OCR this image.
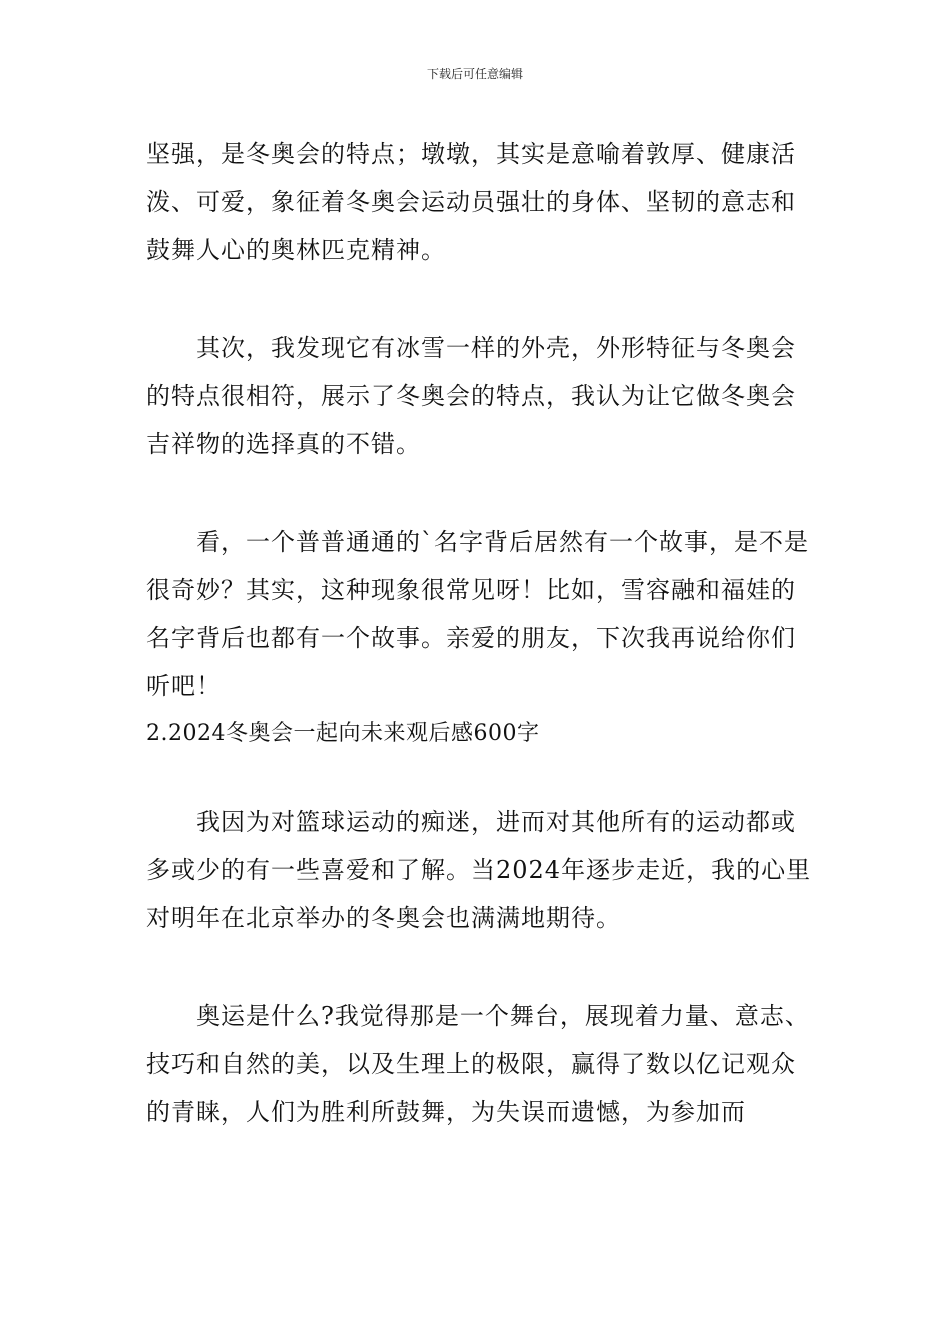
下载后可任意编辑

坚强，是冬奥会的特点；墩墩，其实是意喻着敦厚、健康活泼、可爱，象征着冬奥会运动员强壮的身体、坚韧的意志和鼓舞人心的奥林匹克精神。

其次，我发现它有冰雪一样的外壳，外形特征与冬奥会的特点很相符，展示了冬奥会的特点，我认为让它做冬奥会吉祥物的选择真的不错。

看，一个普普通通的`名字背后居然有一个故事，是不是很奇妙？其实，这种现象很常见呀！比如，雪容融和福娃的名字背后也都有一个故事。亲爱的朋友，下次我再说给你们听吧！

2.2024冬奥会一起向未来观后感600字

我因为对篮球运动的痴迷，进而对其他所有的运动都或多或少的有一些喜爱和了解。当2024年逐步走近，我的心里对明年在北京举办的冬奥会也满满地期待。

奥运是什么?我觉得那是一个舞台，展现着力量、意志、技巧和自然的美，以及生理上的极限，赢得了数以亿记观众的青睐，人们为胜利所鼓舞，为失误而遗憾，为参加而
